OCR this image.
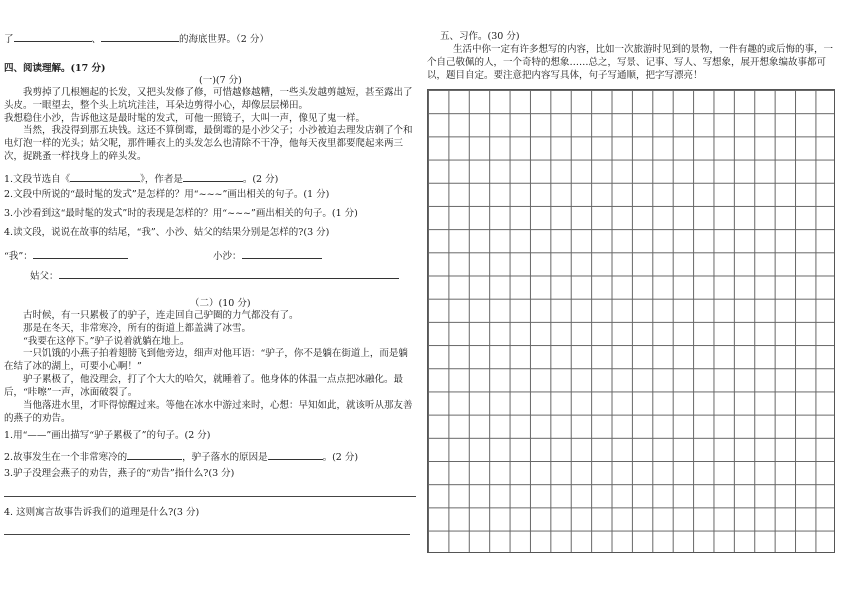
了	、	的海底世界。（2 分）
四、阅读理解。(17 分)
(一)(7 分)

我剪掉了几根翘起的长发，又把头发修了修，可惜越修越糟，一些头发越剪越短，甚至露出了头皮。一眼望去，整个头上坑坑洼洼，耳朵边剪得小心，却像层层梯田。

我想稳住小沙，告诉他这是最时髦的发式，可他一照镜子，大叫一声，像见了鬼一样。

当然，我没得到那五块钱。这还不算倒霉，最倒霉的是小沙父子；小沙被迫去理发店剃了个和电灯泡一样的光头；姑父呢，那件睡衣上的头发怎么也清除不干净，他每天夜里都要爬起来两三次，捉跳蚤一样找身上的碎头发。

1.文段节选自《	》，作者是	。(2 分)
2.文段中所说的“最时髦的发式”是怎样的？用“~~~”画出相关的句子。(1 分)
3.小沙看到这“最时髦的发式”时的表现是怎样的？用“~~~”画出相关的句子。(1 分)
4.读文段，说说在故事的结尾，“我”、小沙、姑父的结果分别是怎样的?(3 分)
“我”：	小沙：
姑父：
（二）(10 分)

古时候，有一只累极了的驴子，连走回自己驴圈的力气都没有了。

那是在冬天，非常寒冷，所有的街道上都盖满了冰雪。

“我要在这停下。”驴子说着就躺在地上。

一只饥饿的小燕子拍着翅膀飞到他旁边，细声对他耳语：“驴子，你不是躺在街道上，而是躺在结了冰的湖上，可要小心啊！”

驴子累极了，他没理会，打了个大大的哈欠，就睡着了。他身体的体温一点点把冰融化。最后，“咔嚓”一声，冰面破裂了。

当他落进水里，才吓得惊醒过来。等他在冰水中游过来时，心想：早知如此，就该听从那友善的燕子的劝告。

1.用“——”画出描写“驴子累极了”的句子。(2 分)
2.故事发生在一个非常寒冷的	，驴子落水的原因是	。(2 分)
3.驴子没理会燕子的劝告，燕子的“劝告”指什么?(3 分)
4. 这则寓言故事告诉我们的道理是什么?(3 分)
五、习作。(30 分)

生活中你一定有许多想写的内容，比如一次旅游时见到的景物，一件有趣的或后悔的事，一个自己敬佩的人，一个奇特的想象……总之，写景、记事、写人、写想象，展开想象编故事都可以，题目自定。要注意把内容写具体，句子写通顺，把字写漂亮！
